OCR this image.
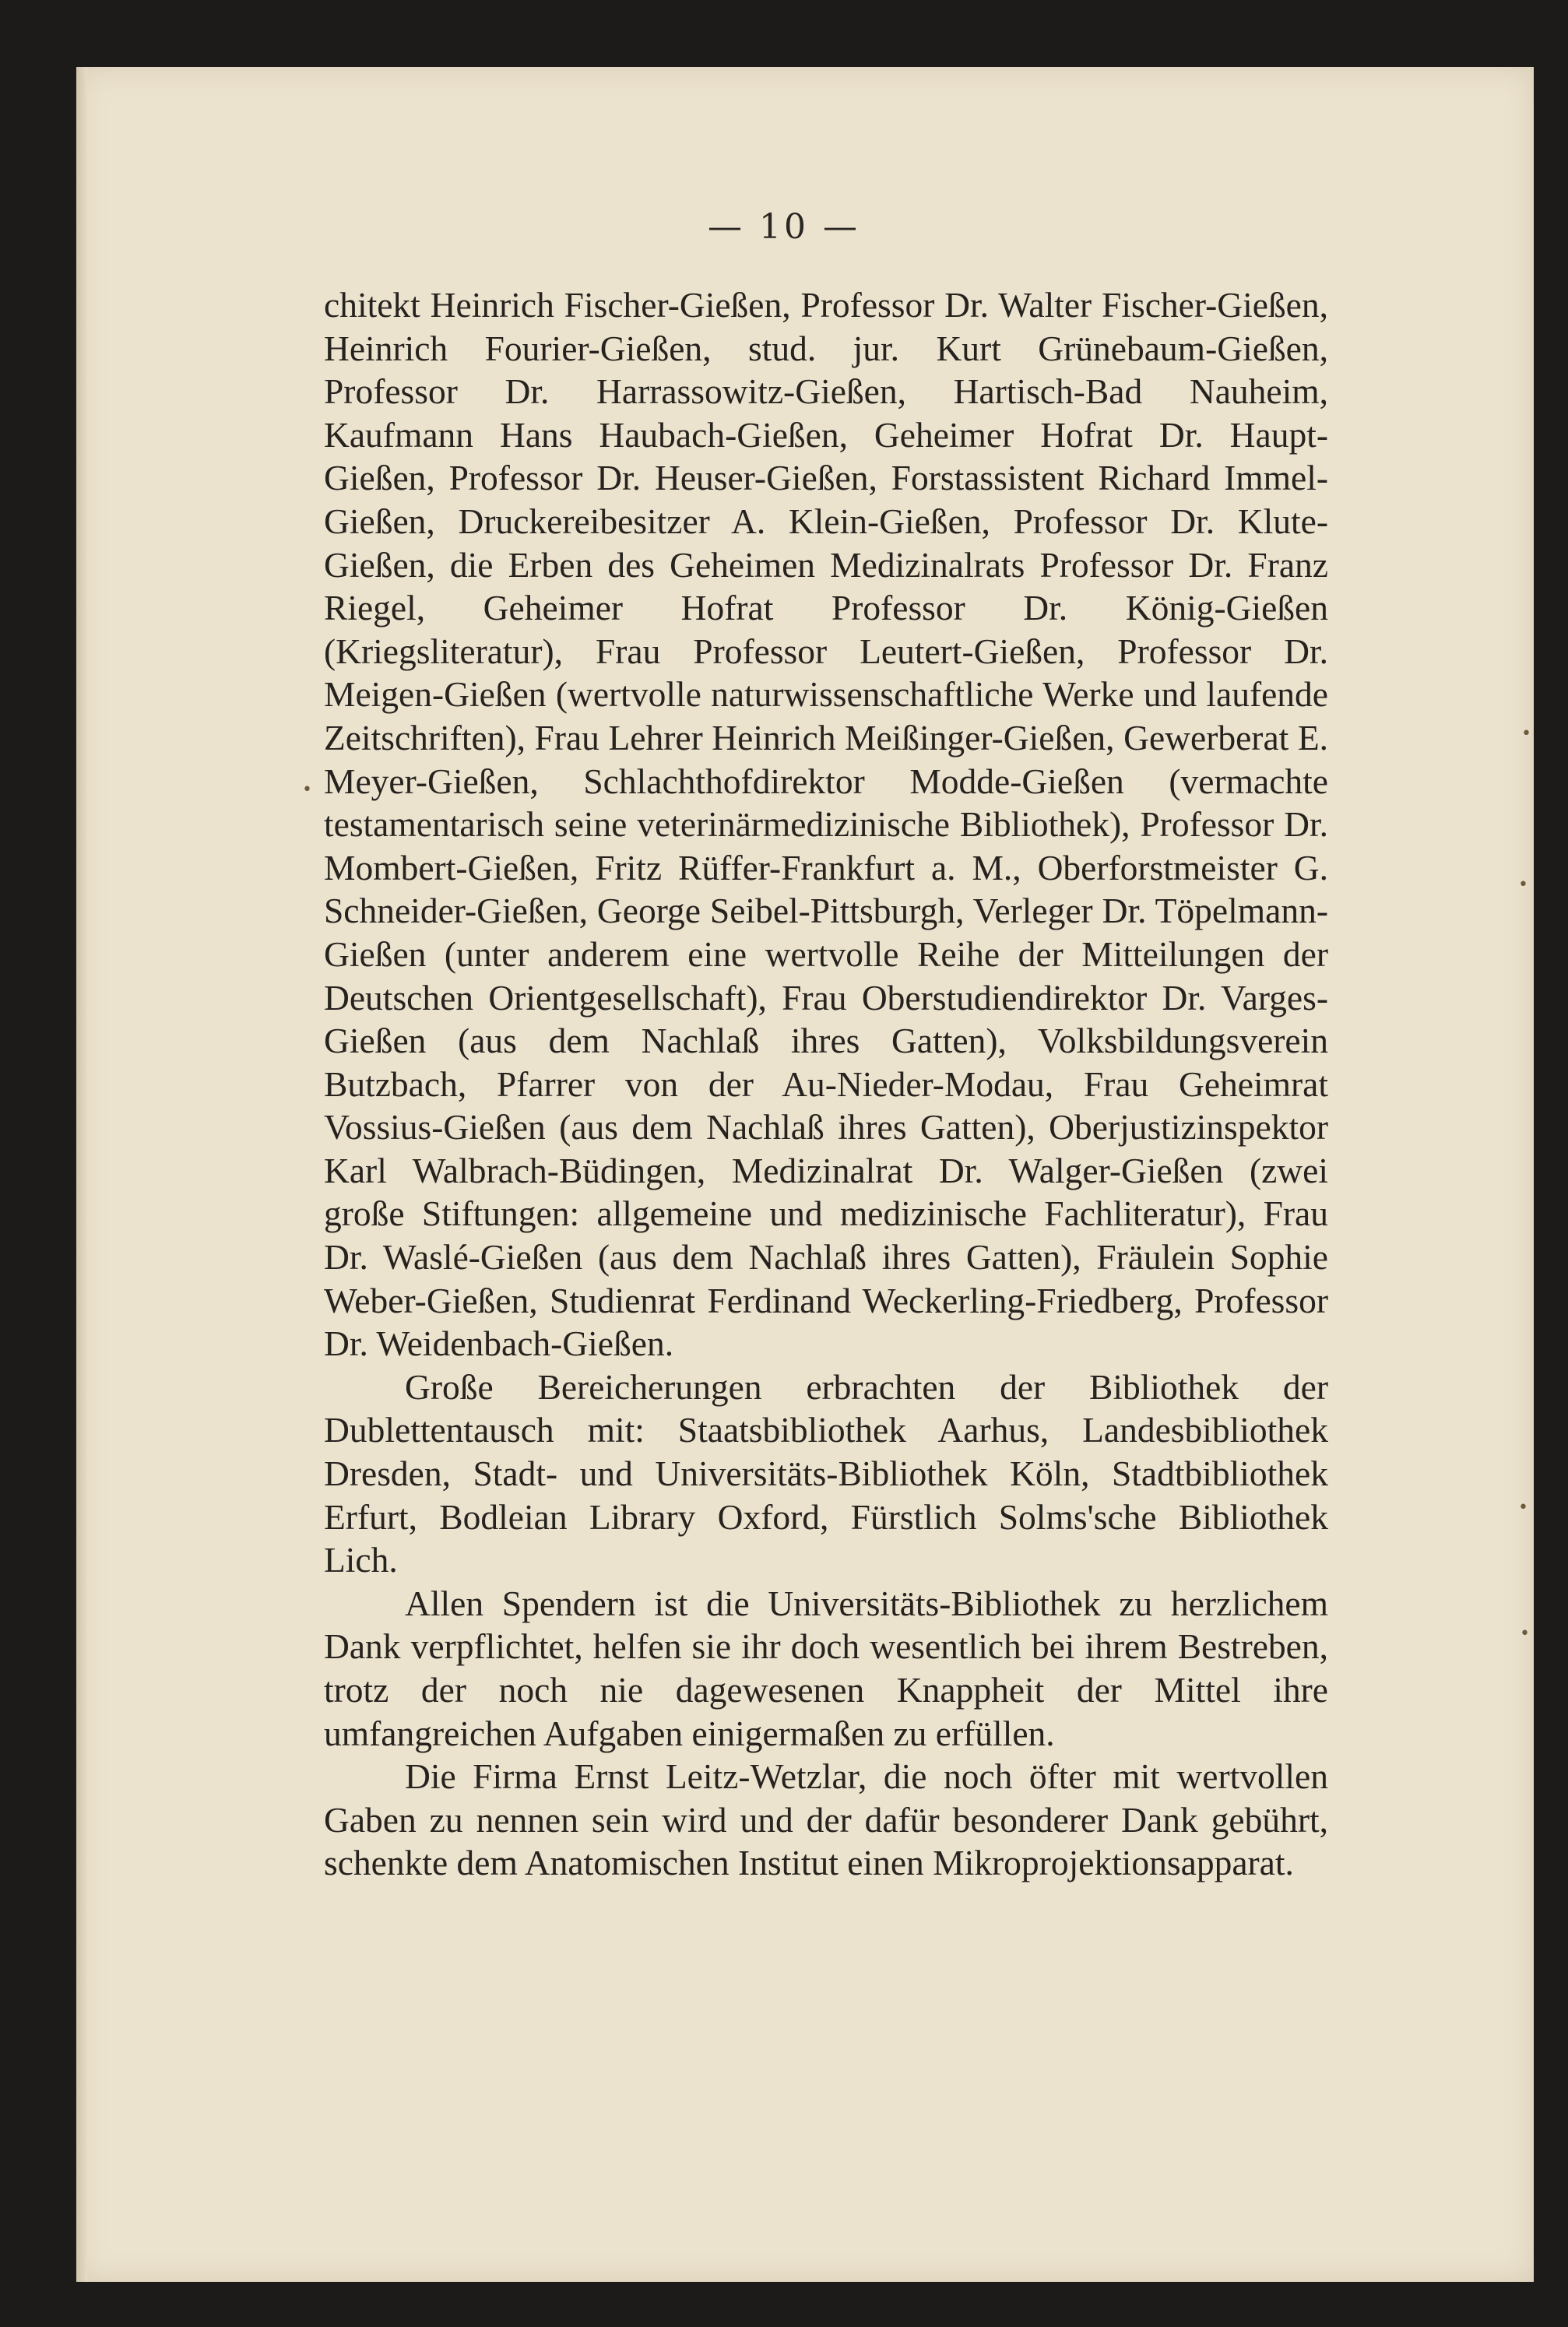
— 10 —

chitekt Heinrich Fischer-Gießen, Professor Dr. Walter Fischer-Gießen, Heinrich Fourier-Gießen, stud. jur. Kurt Grünebaum-Gießen, Professor Dr. Harrassowitz-Gießen, Hartisch-Bad Nauheim, Kaufmann Hans Haubach-Gießen, Geheimer Hofrat Dr. Haupt-Gießen, Professor Dr. Heuser-Gießen, Forstassistent Richard Immel-Gießen, Druckereibesitzer A. Klein-Gießen, Professor Dr. Klute-Gießen, die Erben des Geheimen Medizinalrats Professor Dr. Franz Riegel, Geheimer Hofrat Professor Dr. König-Gießen (Kriegsliteratur), Frau Professor Leutert-Gießen, Professor Dr. Meigen-Gießen (wertvolle naturwissenschaftliche Werke und laufende Zeitschriften), Frau Lehrer Heinrich Meißinger-Gießen, Gewerberat E. Meyer-Gießen, Schlachthofdirektor Modde-Gießen (vermachte testamentarisch seine veterinärmedizinische Bibliothek), Professor Dr. Mombert-Gießen, Fritz Rüffer-Frankfurt a. M., Oberforstmeister G. Schneider-Gießen, George Seibel-Pittsburgh, Verleger Dr. Töpelmann-Gießen (unter anderem eine wertvolle Reihe der Mitteilungen der Deutschen Orientgesellschaft), Frau Oberstudiendirektor Dr. Varges-Gießen (aus dem Nachlaß ihres Gatten), Volksbildungsverein Butzbach, Pfarrer von der Au-Nieder-Modau, Frau Geheimrat Vossius-Gießen (aus dem Nachlaß ihres Gatten), Oberjustizinspektor Karl Walbrach-Büdingen, Medizinalrat Dr. Walger-Gießen (zwei große Stiftungen: allgemeine und medizinische Fachliteratur), Frau Dr. Waslé-Gießen (aus dem Nachlaß ihres Gatten), Fräulein Sophie Weber-Gießen, Studienrat Ferdinand Weckerling-Friedberg, Professor Dr. Weidenbach-Gießen.

Große Bereicherungen erbrachten der Bibliothek der Dublettentausch mit: Staatsbibliothek Aarhus, Landesbibliothek Dresden, Stadt- und Universitäts-Bibliothek Köln, Stadtbibliothek Erfurt, Bodleian Library Oxford, Fürstlich Solms'sche Bibliothek Lich.

Allen Spendern ist die Universitäts-Bibliothek zu herzlichem Dank verpflichtet, helfen sie ihr doch wesentlich bei ihrem Bestreben, trotz der noch nie dagewesenen Knappheit der Mittel ihre umfangreichen Aufgaben einigermaßen zu erfüllen.

Die Firma Ernst Leitz-Wetzlar, die noch öfter mit wertvollen Gaben zu nennen sein wird und der dafür besonderer Dank gebührt, schenkte dem Anatomischen Institut einen Mikroprojektionsapparat.

•
•
•
•
•
